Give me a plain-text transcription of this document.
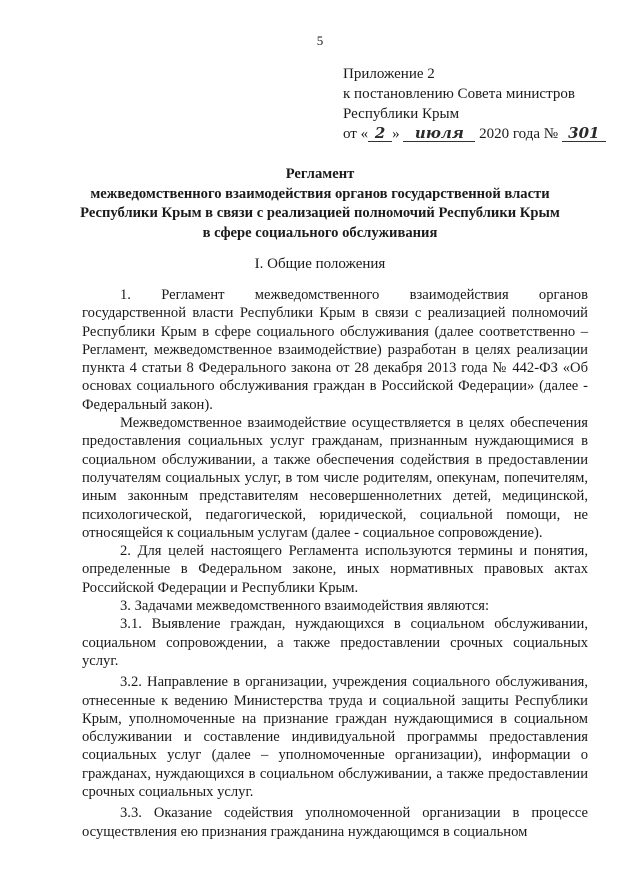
5
Приложение 2
к постановлению Совета министров
Республики Крым
от « 2 » июля 2020 года № 301
Регламент
межведомственного взаимодействия органов государственной власти
Республики Крым в связи с реализацией полномочий Республики Крым
в сфере социального обслуживания
I. Общие положения

1. Регламент межведомственного взаимодействия органов государственной власти Республики Крым в связи с реализацией полномочий Республики Крым в сфере социального обслуживания (далее соответственно – Регламент, межведомственное взаимодействие) разработан в целях реализации пункта 4 статьи 8 Федерального закона от 28 декабря 2013 года № 442-ФЗ «Об основах социального обслуживания граждан в Российской Федерации» (далее - Федеральный закон).

Межведомственное взаимодействие осуществляется в целях обеспечения предоставления социальных услуг гражданам, признанным нуждающимися в социальном обслуживании, а также обеспечения содействия в предоставлении получателям социальных услуг, в том числе родителям, опекунам, попечителям, иным законным представителям несовершеннолетних детей, медицинской, психологической, педагогической, юридической, социальной помощи, не относящейся к социальным услугам (далее - социальное сопровождение).

2. Для целей настоящего Регламента используются термины и понятия, определенные в Федеральном законе, иных нормативных правовых актах Российской Федерации и Республики Крым.

3. Задачами межведомственного взаимодействия являются:

3.1. Выявление граждан, нуждающихся в социальном обслуживании, социальном сопровождении, а также предоставлении срочных социальных услуг.

3.2. Направление в организации, учреждения социального обслуживания, отнесенные к ведению Министерства труда и социальной защиты Республики Крым, уполномоченные на признание граждан нуждающимися в социальном обслуживании и составление индивидуальной программы предоставления социальных услуг (далее – уполномоченные организации), информации о гражданах, нуждающихся в социальном обслуживании, а также предоставлении срочных социальных услуг.

3.3. Оказание содействия уполномоченной организации в процессе осуществления ею признания гражданина нуждающимся в социальном
